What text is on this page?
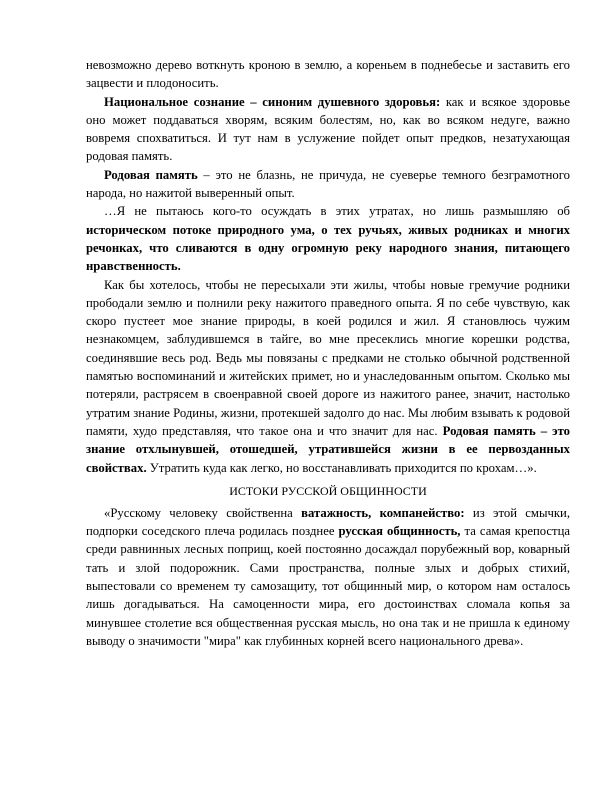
невозможно дерево воткнуть кроною в землю, а кореньем в поднебесье и заставить его зацвести и плодоносить.

Национальное сознание – синоним душевного здоровья: как и всякое здоровье оно может поддаваться хворям, всяким болестям, но, как во всяком недуге, важно вовремя спохватиться. И тут нам в услужение пойдет опыт предков, незатухающая родовая память.

Родовая память – это не блазнь, не причуда, не суеверье темного безграмотного народа, но нажитой выверенный опыт.

…Я не пытаюсь кого-то осуждать в этих утратах, но лишь размышляю об историческом потоке природного ума, о тех ручьях, живых родниках и многих речонках, что сливаются в одну огромную реку народного знания, питающего нравственность.

Как бы хотелось, чтобы не пересыхали эти жилы, чтобы новые гремучие родники прободали землю и полнили реку нажитого праведного опыта. Я по себе чувствую, как скоро пустеет мое знание природы, в коей родился и жил. Я становлюсь чужим незнакомцем, заблудившемся в тайге, во мне пресеклись многие корешки родства, соединявшие весь род. Ведь мы повязаны с предками не столько обычной родственной памятью воспоминаний и житейских примет, но и унаследованным опытом. Сколько мы потеряли, растрясем в своенравной своей дороге из нажитого ранее, значит, настолько утратим знание Родины, жизни, протекшей задолго до нас. Мы любим взывать к родовой памяти, худо представляя, что такое она и что значит для нас. Родовая память – это знание отхлынувшей, отошедшей, утратившейся жизни в ее первозданных свойствах. Утратить куда как легко, но восстанавливать приходится по крохам…».

ИСТОКИ РУССКОЙ ОБЩИННОСТИ

«Русскому человеку свойственна ватажность, компанейство: из этой смычки, подпорки соседского плеча родилась позднее русская общинность, та самая крепостца среди равнинных лесных поприщ, коей постоянно досаждал порубежный вор, коварный тать и злой подорожник. Сами пространства, полные злых и добрых стихий, выпестовали со временем ту самозащиту, тот общинный мир, о котором нам осталось лишь догадываться. На самоценности мира, его достоинствах сломала копья за минувшее столетие вся общественная русская мысль, но она так и не пришла к единому выводу о значимости "мира" как глубинных корней всего национального древа».
